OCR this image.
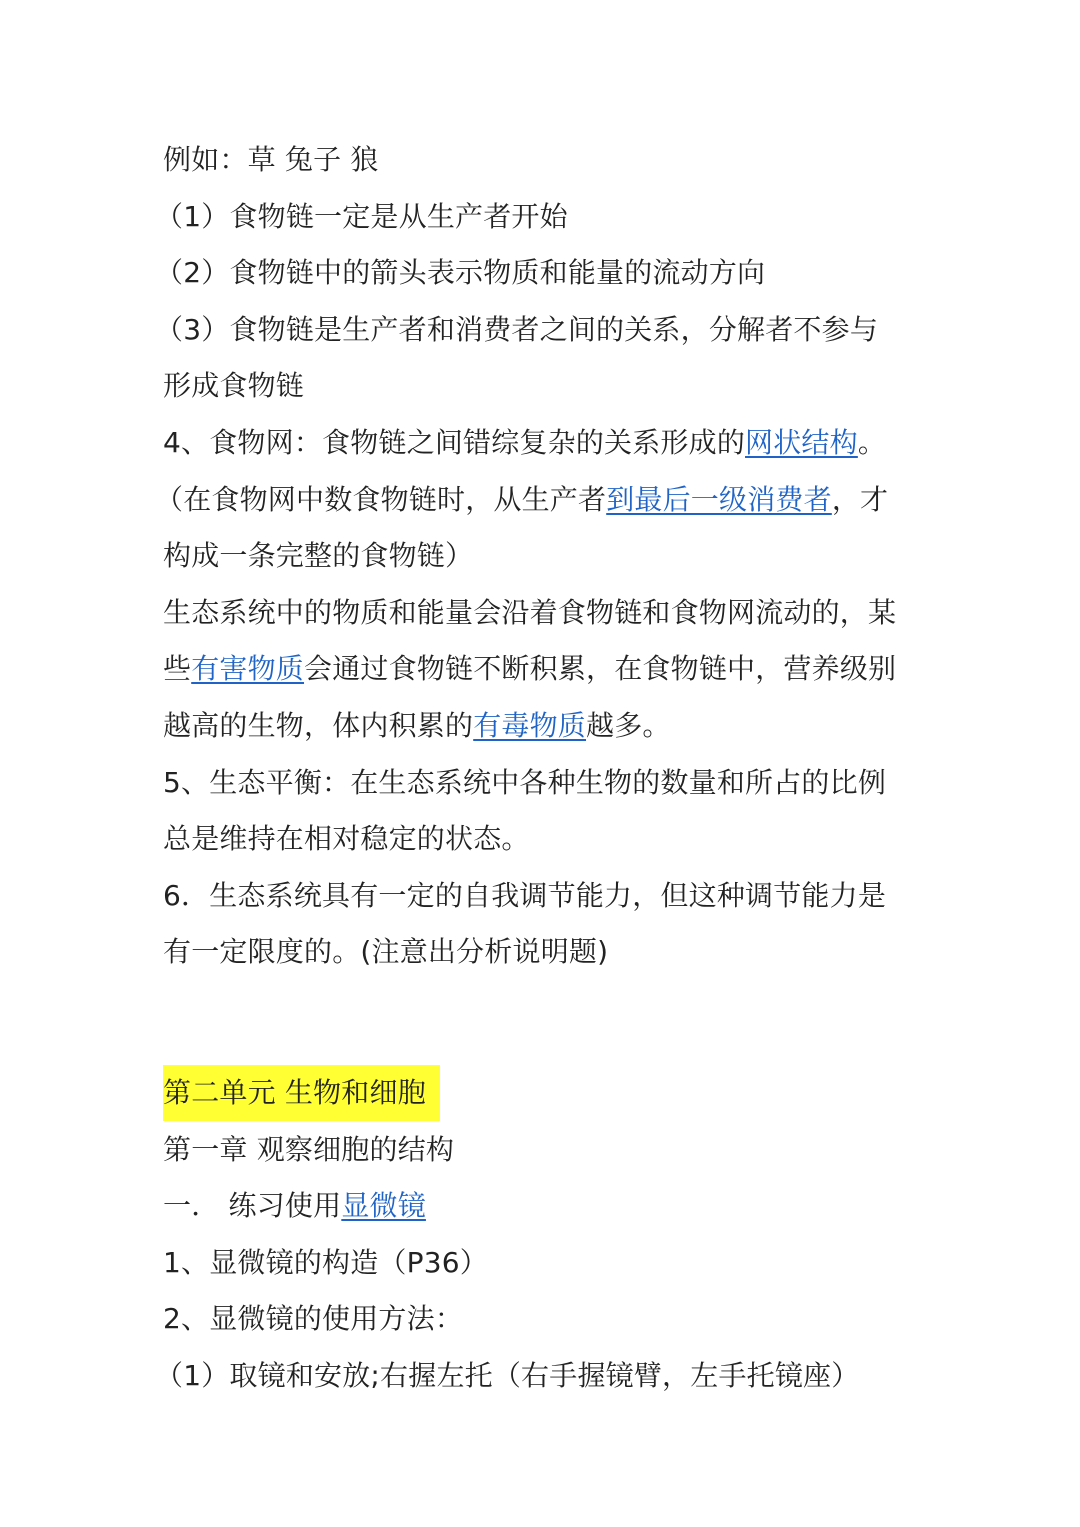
例如：草 兔子 狼
（1）食物链一定是从生产者开始
（2）食物链中的箭头表示物质和能量的流动方向
（3）食物链是生产者和消费者之间的关系，分解者不参与
形成食物链
4、食物网：食物链之间错综复杂的关系形成的网状结构。
（在食物网中数食物链时，从生产者到最后一级消费者，才
构成一条完整的食物链）
生态系统中的物质和能量会沿着食物链和食物网流动的，某
些有害物质会通过食物链不断积累，在食物链中，营养级别
越高的生物，体内积累的有毒物质越多。
5、生态平衡：在生态系统中各种生物的数量和所占的比例
总是维持在相对稳定的状态。
6．生态系统具有一定的自我调节能力，但这种调节能力是
有一定限度的。(注意出分析说明题)
第二单元 生物和细胞
第一章 观察细胞的结构
一． 练习使用显微镜
1、显微镜的构造（P36）
2、显微镜的使用方法：
（1）取镜和安放;右握左托（右手握镜臂，左手托镜座）
